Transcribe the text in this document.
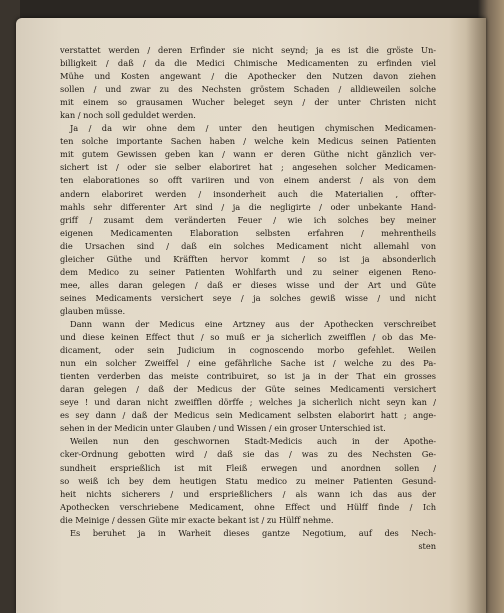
verstattet werden / deren Erfinder sie nicht seynd; ja es ist die gröste Un-
billigkeit / daß / da die Medici Chimische Medicamenten zu erfinden viel
Mühe und Kosten angewant / die Apothecker den Nutzen davon ziehen
sollen / und zwar zu des Nechsten gröstem Schaden / alldieweilen solche
mit einem so grausamen Wucher beleget seyn / der unter Christen nicht
kan / noch soll geduldet werden.
Ja / da wir ohne dem / unter den heutigen chymischen Medicamen-
ten solche importante Sachen haben / welche kein Medicus seinen Patienten
mit gutem Gewissen geben kan / wann er deren Güthe nicht gänzlich ver-
sichert ist / oder sie selber elaboriret hat ; angesehen solcher Medicamen-
ten elaborationes so offt variiren und von einem anderst / als von dem
andern elaboriret werden / insonderheit auch die Materialien , offter-
mahls sehr differenter Art sind / ja die negligirte / oder unbekante Hand-
griff / zusamt dem veränderten Feuer / wie ich solches bey meiner
eigenen Medicamenten Elaboration selbsten erfahren / mehrentheils
die Ursachen sind / daß ein solches Medicament nicht allemahl von
gleicher Güthe und Kräfften hervor kommt / so ist ja absonderlich
dem Medico zu seiner Patienten Wohlfarth und zu seiner eigenen Reno-
mee, alles daran gelegen / daß er dieses wisse und der Art und Güte
seines Medicaments versichert seye / ja solches gewiß wisse / und nicht
glauben müsse.
Dann wann der Medicus eine Artzney aus der Apothecken verschreibet
und diese keinen Effect thut / so muß er ja sicherlich zweifflen / ob das Me-
dicament, oder sein Judicium in cognoscendo morbo gefehlet. Weilen
nun ein solcher Zweiffel / eine gefährliche Sache ist / welche zu des Pa-
tienten verderben das meiste contribuiret, so ist ja in der That ein grosses
daran gelegen / daß der Medicus der Güte seines Medicamenti versichert
seye ! und daran nicht zweifflen dörffe ; welches ja sicherlich nicht seyn kan /
es sey dann / daß der Medicus sein Medicament selbsten elaborirt hatt ; ange-
sehen in der Medicin unter Glauben / und Wissen / ein groser Unterschied ist.
Weilen nun den geschwornen Stadt-Medicis auch in der Apothe-
cker-Ordnung gebotten wird / daß sie das / was zu des Nechsten Ge-
sundheit ersprießlich ist mit Fleiß erwegen und anordnen sollen /
so weiß ich bey dem heutigen Statu medico zu meiner Patienten Gesund-
heit nichts sicherers / und ersprießlichers / als wann ich das aus der
Apothecken verschriebene Medicament, ohne Effect und Hülff finde / Ich
die Meinige / dessen Güte mir exacte bekant ist / zu Hülff nehme.
Es beruhet ja in Warheit dieses gantze Negotium, auf des Nech-
sten
